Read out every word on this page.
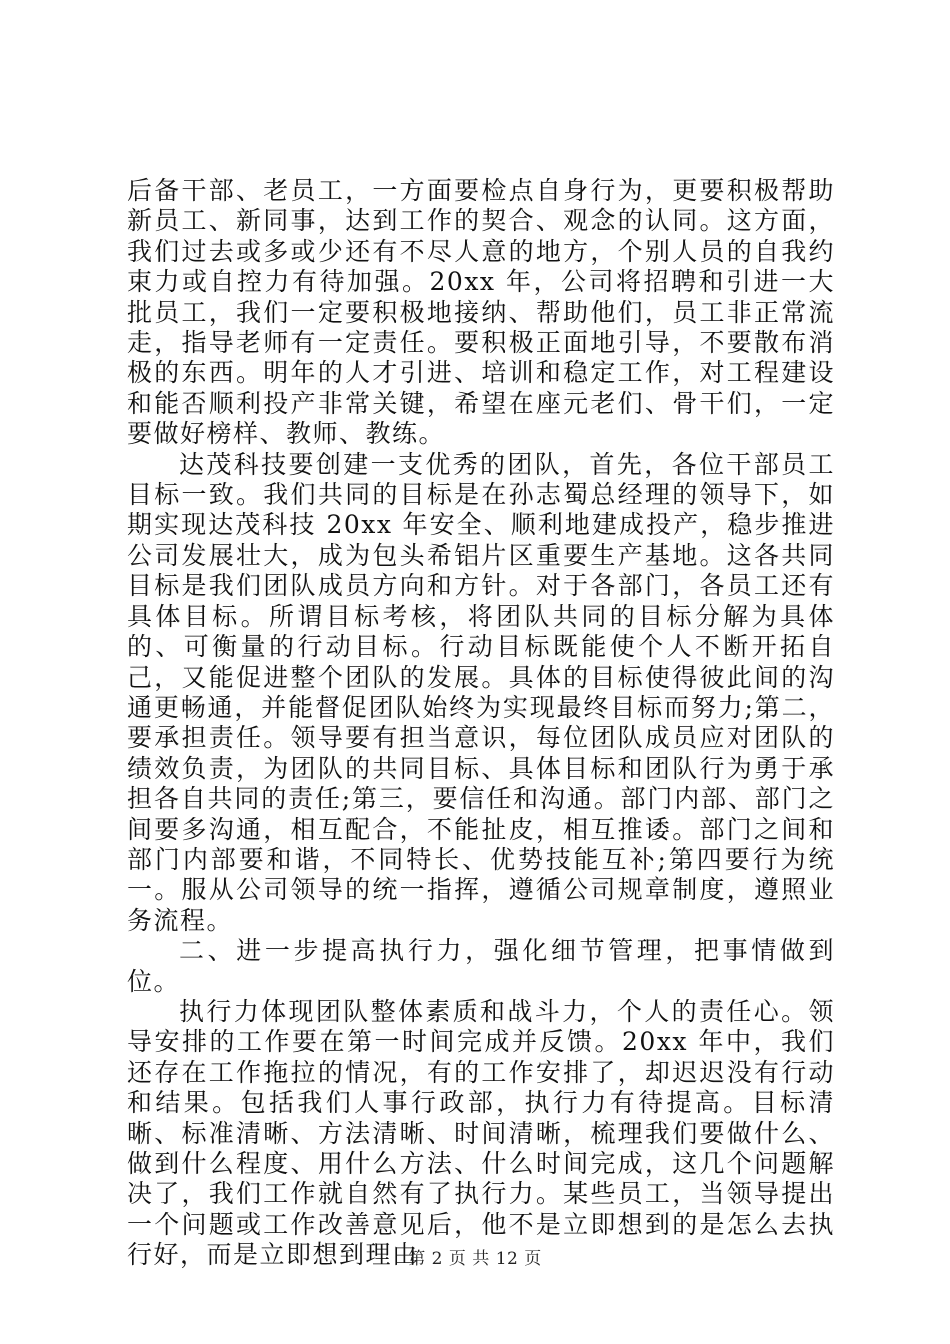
后备干部、老员工，一方面要检点自身行为，更要积极帮助新员工、新同事，达到工作的契合、观念的认同。这方面，我们过去或多或少还有不尽人意的地方，个别人员的自我约束力或自控力有待加强。20xx 年，公司将招聘和引进一大批员工，我们一定要积极地接纳、帮助他们，员工非正常流走，指导老师有一定责任。要积极正面地引导，不要散布消极的东西。明年的人才引进、培训和稳定工作，对工程建设和能否顺利投产非常关键，希望在座元老们、骨干们，一定要做好榜样、教师、教练。

达茂科技要创建一支优秀的团队，首先，各位干部员工目标一致。我们共同的目标是在孙志蜀总经理的领导下，如期实现达茂科技 20xx 年安全、顺利地建成投产，稳步推进公司发展壮大，成为包头希铝片区重要生产基地。这各共同目标是我们团队成员方向和方针。对于各部门，各员工还有具体目标。所谓目标考核，将团队共同的目标分解为具体的、可衡量的行动目标。行动目标既能使个人不断开拓自己，又能促进整个团队的发展。具体的目标使得彼此间的沟通更畅通，并能督促团队始终为实现最终目标而努力;第二，要承担责任。领导要有担当意识，每位团队成员应对团队的绩效负责，为团队的共同目标、具体目标和团队行为勇于承担各自共同的责任;第三，要信任和沟通。部门内部、部门之间要多沟通，相互配合，不能扯皮，相互推诿。部门之间和部门内部要和谐，不同特长、优势技能互补;第四要行为统一。服从公司领导的统一指挥，遵循公司规章制度，遵照业务流程。

二、进一步提高执行力，强化细节管理，把事情做到位。

执行力体现团队整体素质和战斗力，个人的责任心。领导安排的工作要在第一时间完成并反馈。20xx 年中，我们还存在工作拖拉的情况，有的工作安排了，却迟迟没有行动和结果。包括我们人事行政部，执行力有待提高。目标清晰、标准清晰、方法清晰、时间清晰，梳理我们要做什么、做到什么程度、用什么方法、什么时间完成，这几个问题解决了，我们工作就自然有了执行力。某些员工，当领导提出一个问题或工作改善意见后，他不是立即想到的是怎么去执行好，而是立即想到理由

第 2 页 共 12 页
